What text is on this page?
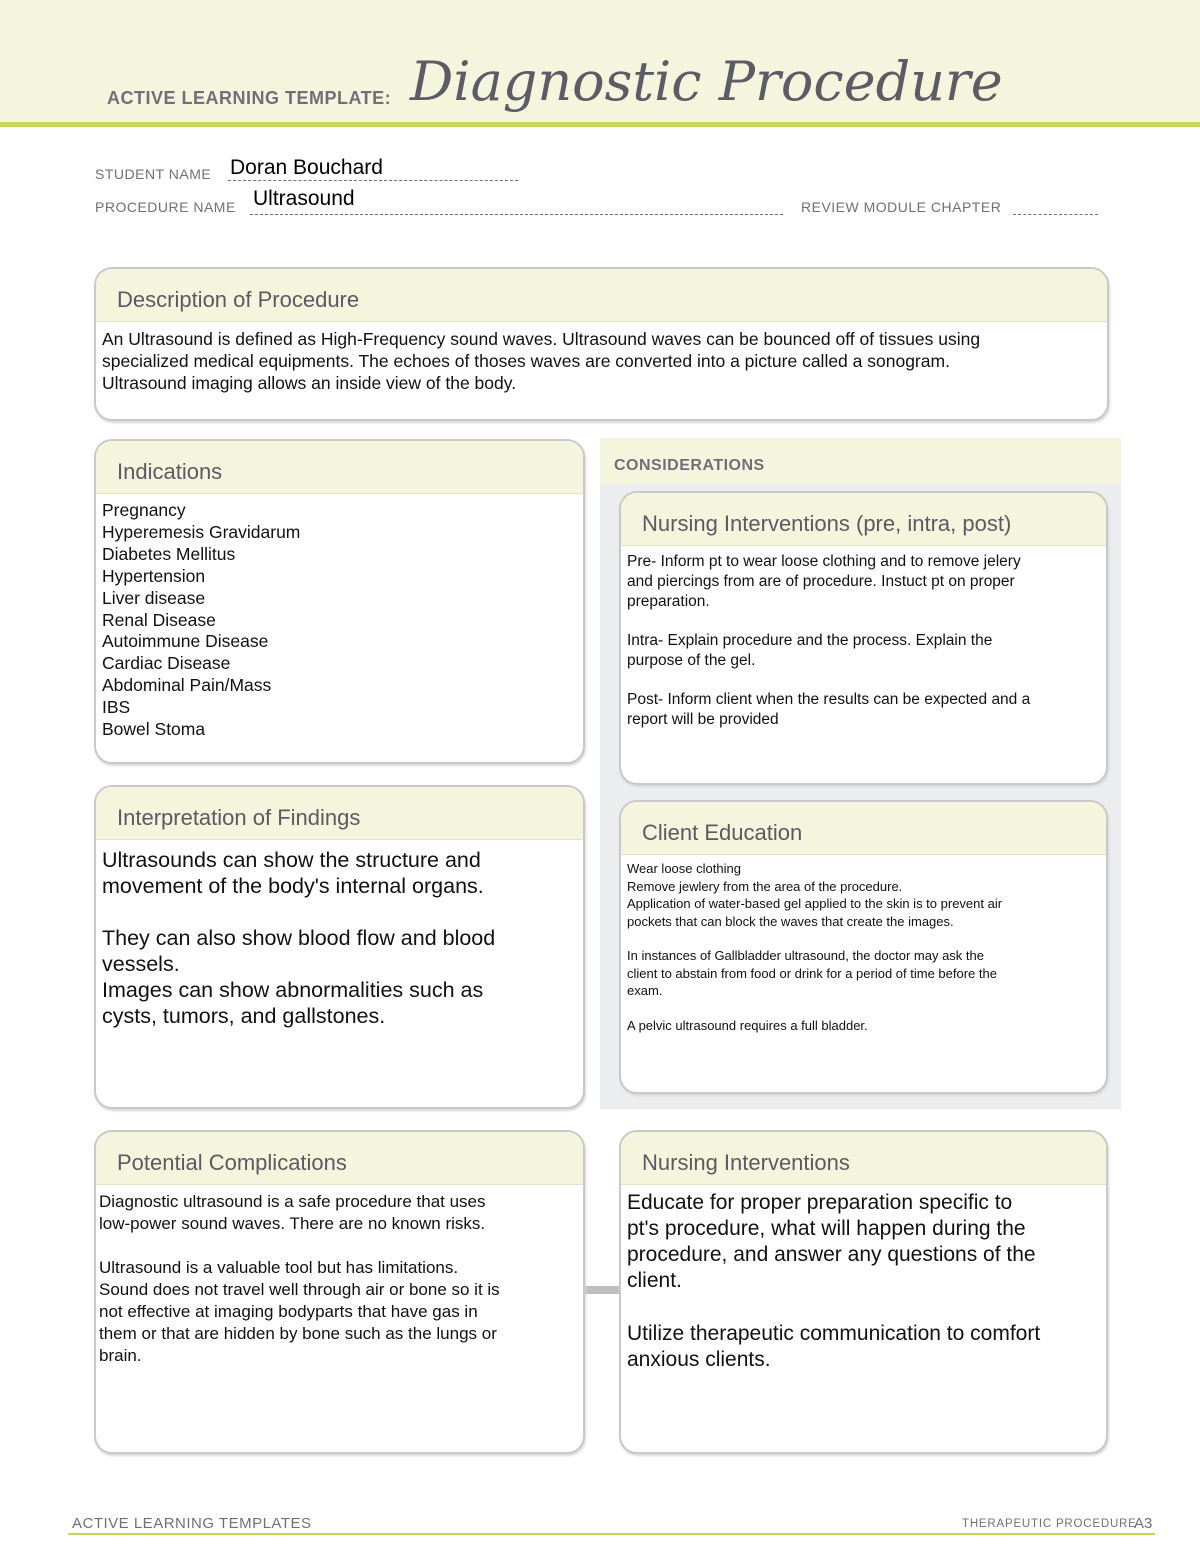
ACTIVE LEARNING TEMPLATE: Diagnostic Procedure
STUDENT NAME Doran Bouchard
PROCEDURE NAME Ultrasound	REVIEW MODULE CHAPTER
Description of Procedure
An Ultrasound is defined as High-Frequency sound waves. Ultrasound waves can be bounced off of tissues using
specialized medical equipments. The echoes of thoses waves are converted into a picture called a sonogram.
Ultrasound imaging allows an inside view of the body.
CONSIDERATIONS
Indications
Pregnancy
Hyperemesis Gravidarum
Diabetes Mellitus
Hypertension
Liver disease
Renal Disease
Autoimmune Disease
Cardiac Disease
Abdominal Pain/Mass
IBS
Bowel Stoma
Nursing Interventions (pre, intra, post)
Pre- Inform pt to wear loose clothing and to remove jelery
and piercings from are of procedure. Instuct pt on proper
preparation.
Intra- Explain procedure and the process. Explain the
purpose of the gel.
Post- Inform client when the results can be expected and a
report will be provided
Interpretation of Findings
Ultrasounds can show the structure and
movement of the body's internal organs.
They can also show blood flow and blood
vessels.
Images can show abnormalities such as
cysts, tumors, and gallstones.
Client Education
Wear loose clothing
Remove jewlery from the area of the procedure.
Application of water-based gel applied to the skin is to prevent air
pockets that can block the waves that create the images.
In instances of Gallbladder ultrasound, the doctor may ask the
client to abstain from food or drink for a period of time before the
exam.
A pelvic ultrasound requires a full bladder.
Potential Complications
Diagnostic ultrasound is a safe procedure that uses
low-power sound waves. There are no known risks.
Ultrasound is a valuable tool but has limitations.
Sound does not travel well through air or bone so it is
not effective at imaging bodyparts that have gas in
them or that are hidden by bone such as the lungs or
brain.
Nursing Interventions
Educate for proper preparation specific to
pt's procedure, what will happen during the
procedure, and answer any questions of the
client.
Utilize therapeutic communication to comfort
anxious clients.
ACTIVE LEARNING TEMPLATES	THERAPEUTIC PROCEDURE
A3
